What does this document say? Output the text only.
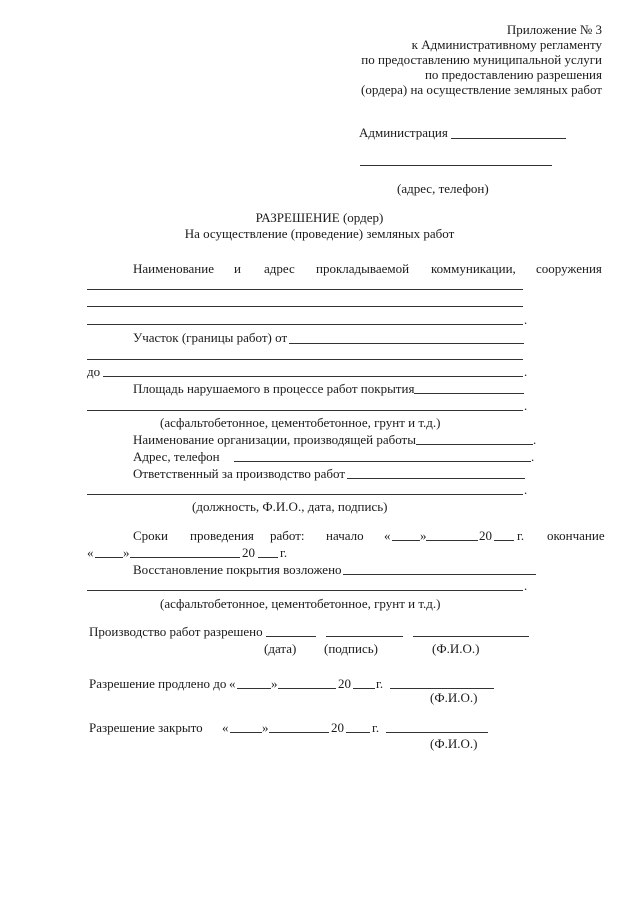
Приложение № 3
к Административному регламенту
по предоставлению муниципальной услуги
по предоставлению разрешения
(ордера) на осуществление земляных работ
Администрация
(адрес, телефон)
РАЗРЕШЕНИЕ (ордер)
На осуществление (проведение) земляных работ
Наименование и адрес прокладываемой коммуникации, сооружения
.
Участок (границы работ) от
до	.
Площадь нарушаемого в процессе работ покрытия
.
(асфальтобетонное, цементобетонное, грунт и т.д.)
Наименование организации, производящей работы	.
Адрес, телефон	.
Ответственный за производство работ
.
(должность, Ф.И.О., дата, подпись)
Сроки проведения работ: начало « »	20 г. окончание
« »	20 г.
Восстановление покрытия возложено
.
(асфальтобетонное, цементобетонное, грунт и т.д.)
Производство работ разрешено
(дата) (подпись)	(Ф.И.О.)
Разрешение продлено до «	»	20 г.
(Ф.И.О.)
Разрешение закрыто «	»	20 г.
(Ф.И.О.)
